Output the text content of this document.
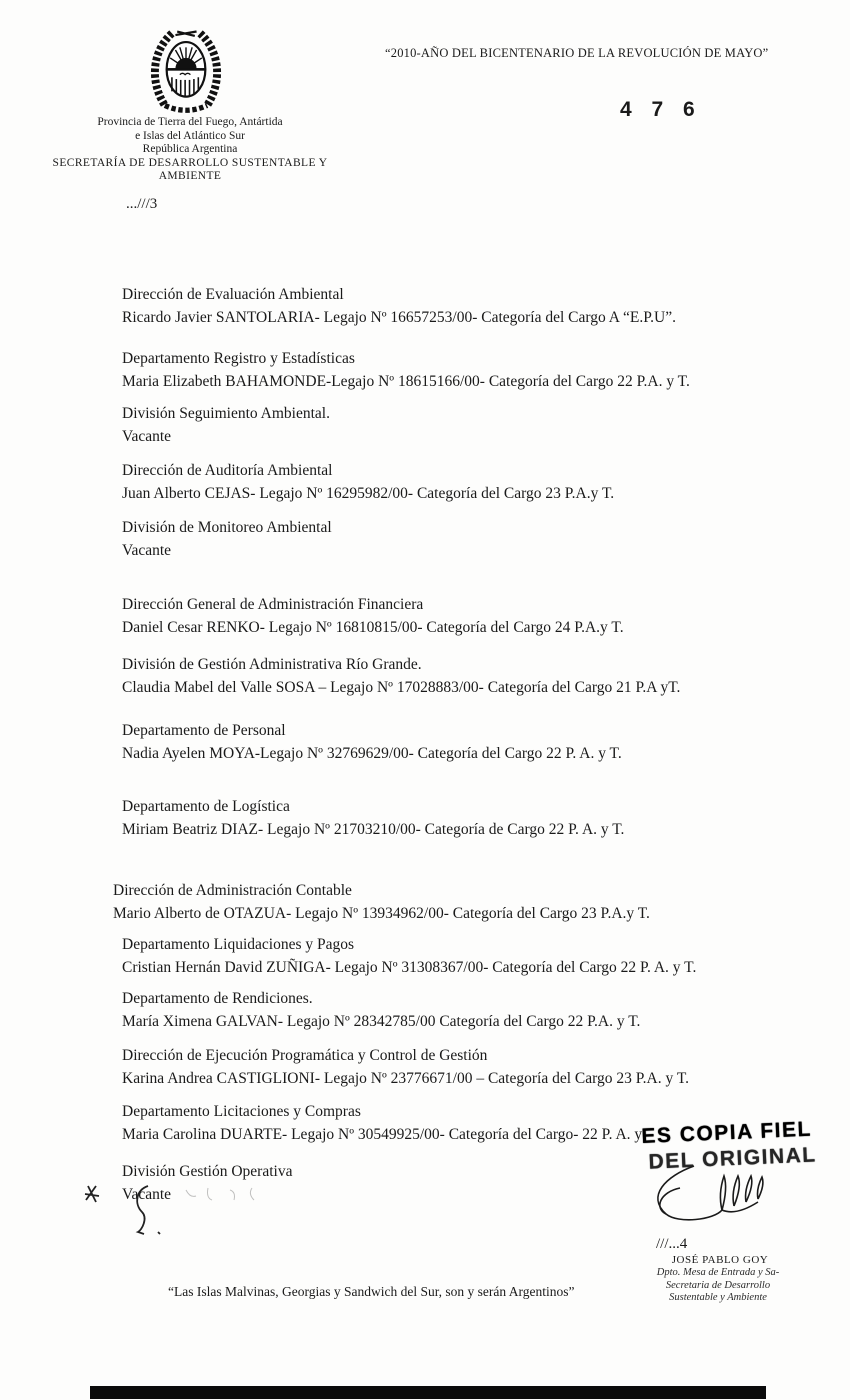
Provincia de Tierra del Fuego, Antártida
e Islas del Atlántico Sur
República Argentina
SECRETARÍA DE DESARROLLO SUSTENTABLE Y
AMBIENTE
“2010-AÑO DEL BICENTENARIO DE LA REVOLUCIÓN DE MAYO”
4 7 6
...///3
Dirección de Evaluación Ambiental
Ricardo Javier SANTOLARIA- Legajo Nº 16657253/00- Categoría del Cargo A “E.P.U”.
Departamento Registro y Estadísticas
Maria Elizabeth BAHAMONDE-Legajo Nº 18615166/00- Categoría del Cargo 22 P.A. y T.
División Seguimiento Ambiental.
Vacante
Dirección de Auditoría Ambiental
Juan Alberto CEJAS- Legajo Nº 16295982/00- Categoría del Cargo 23 P.A.y T.
División de Monitoreo Ambiental
Vacante
Dirección General de Administración Financiera
Daniel Cesar RENKO- Legajo Nº 16810815/00- Categoría del Cargo 24 P.A.y T.
División de Gestión Administrativa Río Grande.
Claudia Mabel del Valle SOSA – Legajo Nº 17028883/00- Categoría del Cargo 21 P.A yT.
Departamento de Personal
Nadia Ayelen MOYA-Legajo Nº 32769629/00- Categoría del Cargo 22 P. A. y T.
Departamento de Logística
Miriam Beatriz DIAZ- Legajo Nº 21703210/00- Categoría de Cargo 22 P. A. y T.
Dirección de Administración Contable
Mario Alberto de OTAZUA- Legajo Nº 13934962/00- Categoría del Cargo 23 P.A.y T.
Departamento Liquidaciones y Pagos
Cristian Hernán David ZUÑIGA- Legajo Nº 31308367/00- Categoría del Cargo 22 P. A. y T.
Departamento de Rendiciones.
María Ximena GALVAN- Legajo Nº 28342785/00 Categoría del Cargo 22 P.A. y T.
Dirección de Ejecución Programática y Control de Gestión
Karina Andrea CASTIGLIONI- Legajo Nº 23776671/00 – Categoría del Cargo 23 P.A. y T.
Departamento Licitaciones y Compras
Maria Carolina DUARTE- Legajo Nº 30549925/00- Categoría del Cargo- 22 P. A. y
División Gestión Operativa
Vacante
ES COPIA FIEL
DEL ORIGINAL
///...4
JOSÉ PABLO GOY
Dpto. Mesa de Entrada y Sa-
Secretaria de Desarrollo
Sustentable y Ambiente
“Las Islas Malvinas, Georgias y Sandwich del Sur, son y serán Argentinos”
